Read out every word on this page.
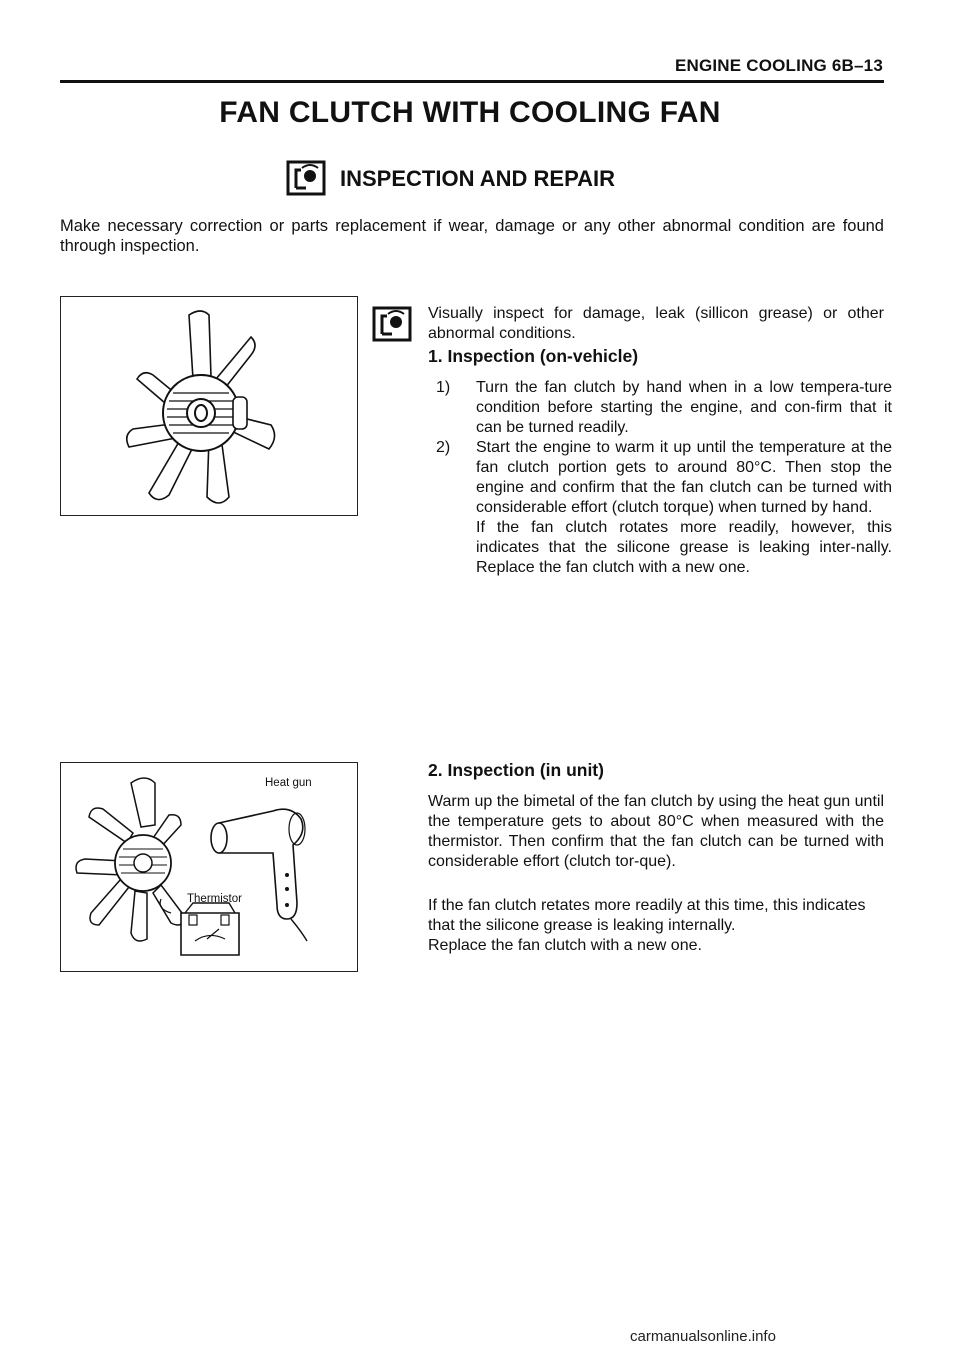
ENGINE COOLING 6B–13
FAN CLUTCH WITH COOLING FAN
INSPECTION AND REPAIR

Make necessary correction or parts replacement if wear, damage or any other abnormal condition are found through inspection.

Visually inspect for damage, leak (sillicon grease) or other abnormal conditions.

1. Inspection (on-vehicle)
1) Turn the fan clutch by hand when in a low tempera-ture condition before starting the engine, and con-firm that it can be turned readily.

2) Start the engine to warm it up until the temperature at the fan clutch portion gets to around 80°C. Then stop the engine and confirm that the fan clutch can be turned with considerable effort (clutch torque) when turned by hand.

If the fan clutch rotates more readily, however, this indicates that the silicone grease is leaking inter-nally. Replace the fan clutch with a new one.

Heat gun
Thermistor
2. Inspection (in unit)

Warm up the bimetal of the fan clutch by using the heat gun until the temperature gets to about 80°C when measured with the thermistor. Then confirm that the fan clutch can be turned with considerable effort (clutch tor-que).

If the fan clutch retates more readily at this time, this indicates that the silicone grease is leaking internally.

Replace the fan clutch with a new one.

carmanualsonline.info
